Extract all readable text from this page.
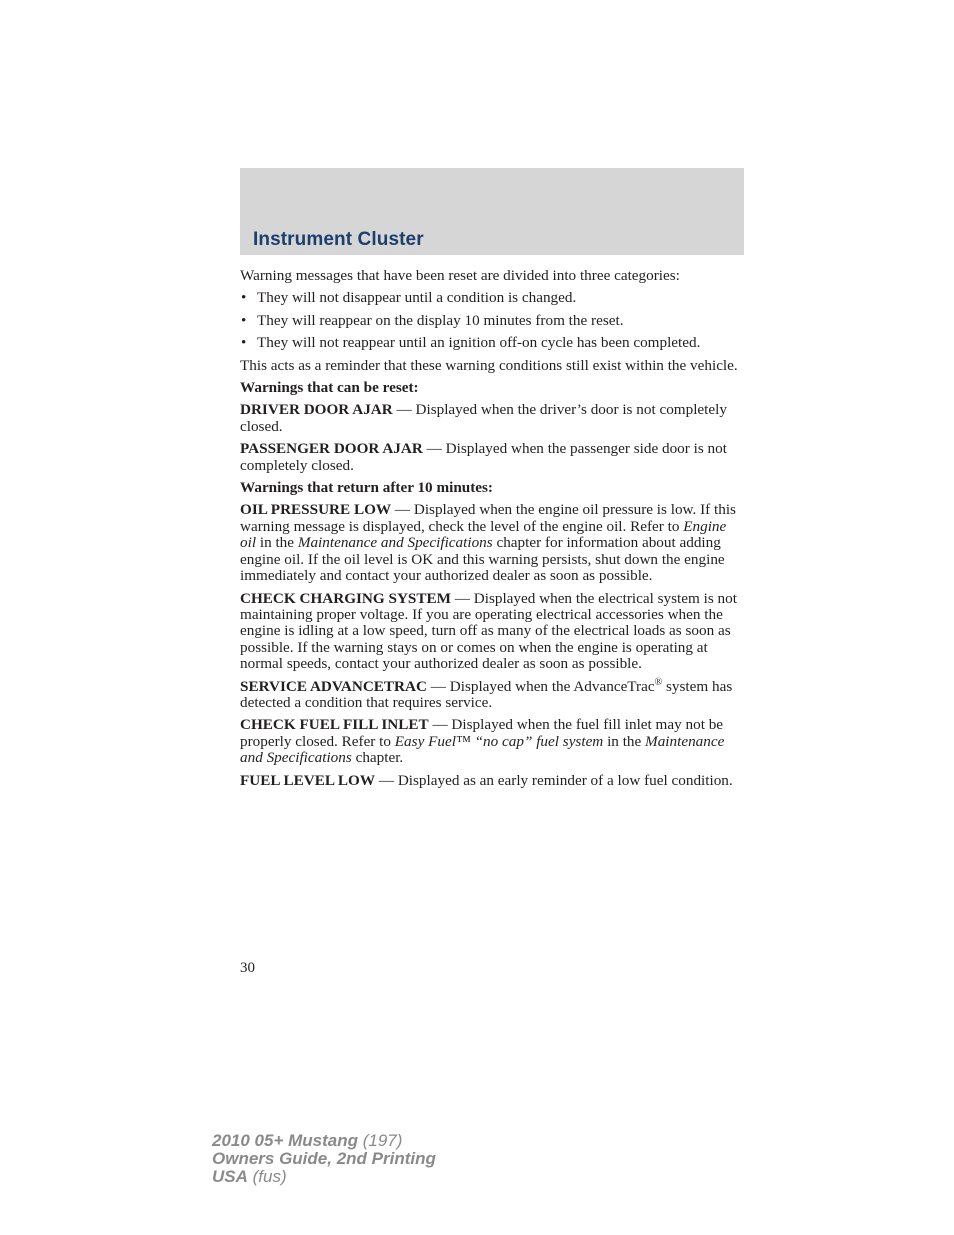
Instrument Cluster

Warning messages that have been reset are divided into three categories:

• They will not disappear until a condition is changed.
• They will reappear on the display 10 minutes from the reset.
• They will not reappear until an ignition off-on cycle has been completed.

This acts as a reminder that these warning conditions still exist within the vehicle.

Warnings that can be reset:

DRIVER DOOR AJAR — Displayed when the driver’s door is not completely closed.

PASSENGER DOOR AJAR — Displayed when the passenger side door is not completely closed.

Warnings that return after 10 minutes:

OIL PRESSURE LOW — Displayed when the engine oil pressure is low. If this warning message is displayed, check the level of the engine oil. Refer to Engine oil in the Maintenance and Specifications chapter for information about adding engine oil. If the oil level is OK and this warning persists, shut down the engine immediately and contact your authorized dealer as soon as possible.

CHECK CHARGING SYSTEM — Displayed when the electrical system is not maintaining proper voltage. If you are operating electrical accessories when the engine is idling at a low speed, turn off as many of the electrical loads as soon as possible. If the warning stays on or comes on when the engine is operating at normal speeds, contact your authorized dealer as soon as possible.

SERVICE ADVANCETRAC — Displayed when the AdvanceTrac® system has detected a condition that requires service.

CHECK FUEL FILL INLET — Displayed when the fuel fill inlet may not be properly closed. Refer to Easy Fuel™ “no cap” fuel system in the Maintenance and Specifications chapter.

FUEL LEVEL LOW — Displayed as an early reminder of a low fuel condition.

30
2010 05+ Mustang (197)
Owners Guide, 2nd Printing
USA (fus)
